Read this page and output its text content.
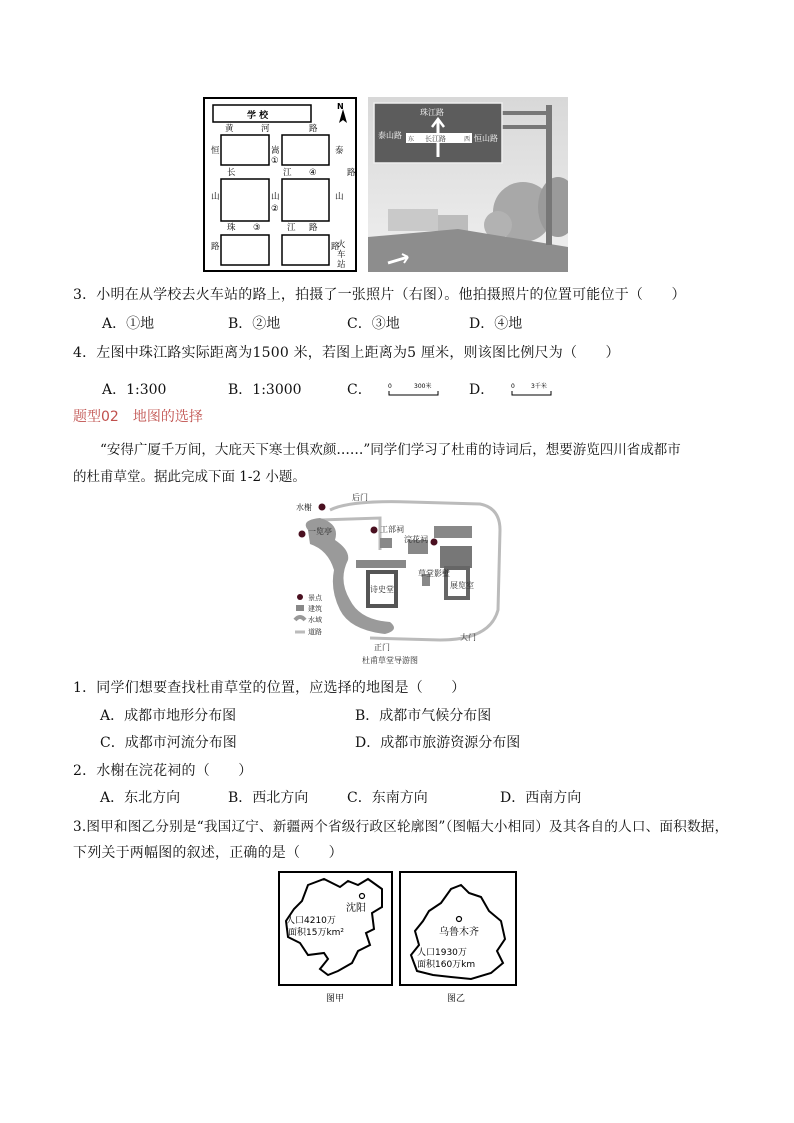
N
学 校
黄	河	路
长	江 ④
珠 ③	江 路
恒
山
嵩
①
山
②
泰
路
山
路	火
车
站
路
珠江路
泰山路	恒山路
长江路
东	西
3．小明在从学校去火车站的路上，拍摄了一张照片（右图）。他拍摄照片的位置可能位于（　　）
A．①地	B．②地	C．③地	D．④地
4．左图中珠江路实际距离为1500 米，若图上距离为5 厘米，则该图比例尺为（　　）
A．1:300	B．1:3000	C．	0	300米	D．	0	3千米
题型02 地图的选择
“安得广厦千万间，大庇天下寒士俱欢颜……”同学们学习了杜甫的诗词后，想要游览四川省成都市
的杜甫草堂。据此完成下面 1-2 小题。
后门
水榭
一览亭	工部祠
浣花祠
草堂影壁
诗史堂	展览室
正门
大门
杜甫草堂导游图
景点
建筑
水域
道路
1．同学们想要查找杜甫草堂的位置，应选择的地图是（　　）
A．成都市地形分布图	B．成都市气候分布图
C．成都市河流分布图	D．成都市旅游资源分布图
2．水榭在浣花祠的（　　）
A．东北方向	B．西北方向	C．东南方向	D．西南方向
3.图甲和图乙分别是“我国辽宁、新疆两个省级行政区轮廓图”（图幅大小相同）及其各自的人口、面积数据，
下列关于两幅图的叙述，正确的是（　　）
沈阳
人口4210万
面积15万km²
图甲
乌鲁木齐
人口1930万
面积160万km
图乙
